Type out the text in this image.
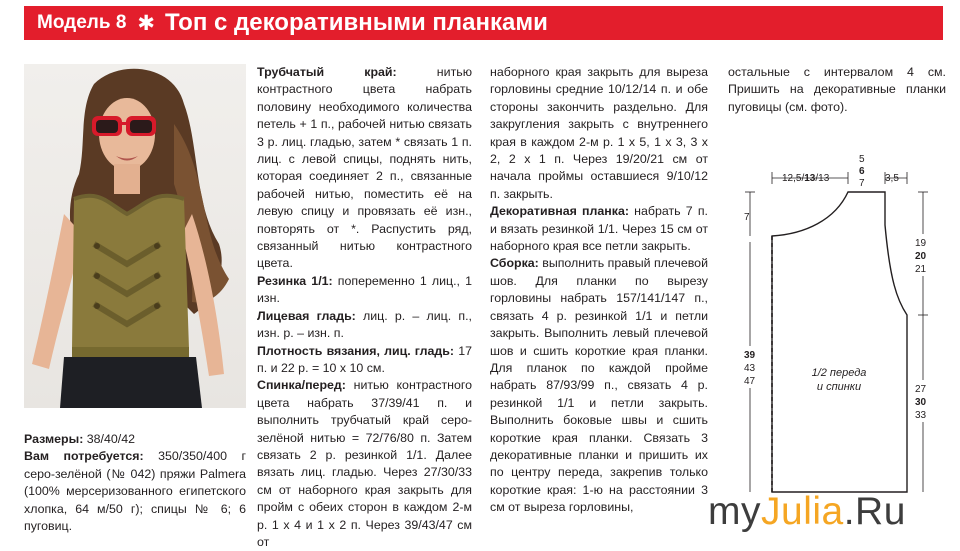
Модель 8 ✱ Топ с декоративными планками

Размеры: 38/40/42

Вам потребуется: 350/350/400 г серо-зелёной (№ 042) пряжи Palmera (100% мерсеризованного египетского хлопка, 64 м/50 г); спицы № 6; 6 пуговиц.

Трубчатый край: нитью контрастного цвета набрать половину необходимого количества петель + 1 п., рабочей нитью связать 3 р. лиц. гладью, затем * связать 1 п. лиц. с левой спицы, поднять нить, которая соединяет 2 п., связанные рабочей нитью, поместить её на левую спицу и провязать её изн., повторять от *. Распустить ряд, связанный нитью контрастного цвета.

Резинка 1/1: попеременно 1 лиц., 1 изн.

Лицевая гладь: лиц. р. – лиц. п., изн. р. – изн. п.

Плотность вязания, лиц. гладь: 17 п. и 22 р. = 10 х 10 см.

Спинка/перед: нитью контрастного цвета набрать 37/39/41 п. и выполнить трубчатый край серо-зелёной нитью = 72/76/80 п. Затем связать 2 р. резинкой 1/1. Далее вязать лиц. гладью. Через 27/30/33 см от наборного края закрыть для пройм с обеих сторон в каждом 2-м р. 1 х 4 и 1 х 2 п. Через 39/43/47 см от

наборного края закрыть для выреза горловины средние 10/12/14 п. и обе стороны закончить раздельно. Для закругления закрыть с внутреннего края в каждом 2-м р. 1 х 5, 1 х 3, 3 х 2, 2 х 1 п. Через 19/20/21 см от начала проймы оставшиеся 9/10/12 п. закрыть.

Декоративная планка: набрать 7 п. и вязать резинкой 1/1. Через 15 см от наборного края все петли закрыть.

Сборка: выполнить правый плечевой шов. Для планки по вырезу горловины набрать 157/141/147 п., связать 4 р. резинкой 1/1 и петли закрыть. Выполнить левый плечевой шов и сшить короткие края планки. Для планок по каждой пройме набрать 87/93/99 п., связать 4 р. резинкой 1/1 и петли закрыть. Выполнить боковые швы и сшить короткие края планки. Связать 3 декоративные планки и пришить их по центру переда, закрепив только короткие края: 1-ю на расстоянии 3 см от выреза горловины,

остальные с интервалом 4 см. Пришить на декоративные планки пуговицы (см. фото).

12,5/13/13
5
6
7 3,5
7
39
43
47
19
20
21
27
30
33
1/2 переда
и спинки
myJulia.Ru
